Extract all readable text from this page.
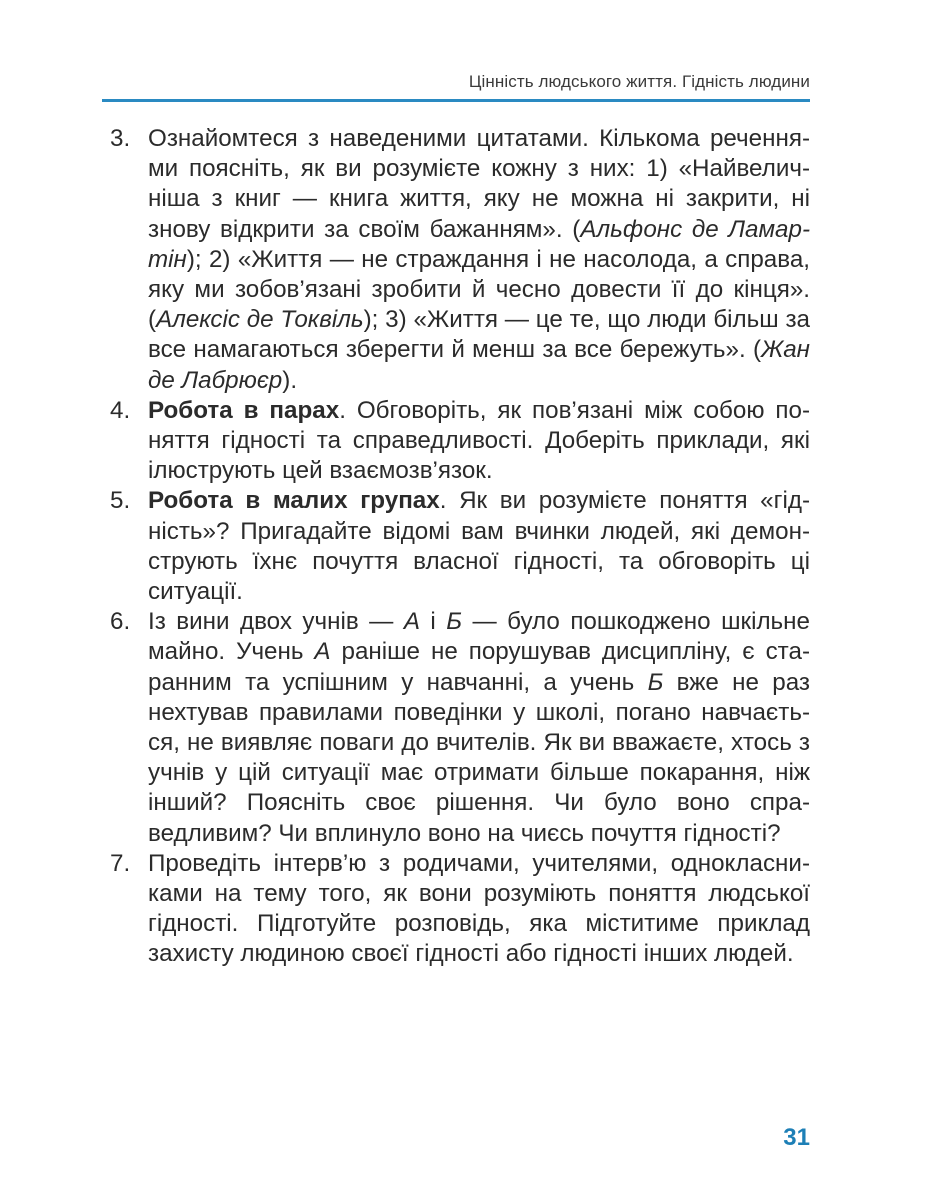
Цінність людського життя. Гідність людини
3. Ознайомтеся з наведеними цитатами. Кількома реченнями поясніть, як ви розумієте кожну з них: 1) «Найвеличніша з книг — книга життя, яку не можна ні закрити, ні знову відкрити за своїм бажанням». (Альфонс де Ламартін); 2) «Життя — не страждання і не насолода, а справа, яку ми зобов’язані зробити й чесно довести її до кінця». (Алексіс де Токвіль); 3) «Життя — це те, що люди більш за все намагаються зберегти й менш за все бережуть». (Жан де Лабрюєр).
4. Робота в парах. Обговоріть, як пов’язані між собою поняття гідності та справедливості. Доберіть приклади, які ілюструють цей взаємозв’язок.
5. Робота в малих групах. Як ви розумієте поняття «гідність»? Пригадайте відомі вам вчинки людей, які демонструють їхнє почуття власної гідності, та обговоріть ці ситуації.
6. Із вини двох учнів — А і Б — було пошкоджено шкільне майно. Учень А раніше не порушував дисципліну, є старанним та успішним у навчанні, а учень Б вже не раз нехтував правилами поведінки у школі, погано навчається, не виявляє поваги до вчителів. Як ви вважаєте, хтось з учнів у цій ситуації має отримати більше покарання, ніж інший? Поясніть своє рішення. Чи було воно справедливим? Чи вплинуло воно на чиєсь почуття гідності?
7. Проведіть інтерв’ю з родичами, учителями, однокласниками на тему того, як вони розуміють поняття людської гідності. Підготуйте розповідь, яка міститиме приклад захисту людиною своєї гідності або гідності інших людей.
31
